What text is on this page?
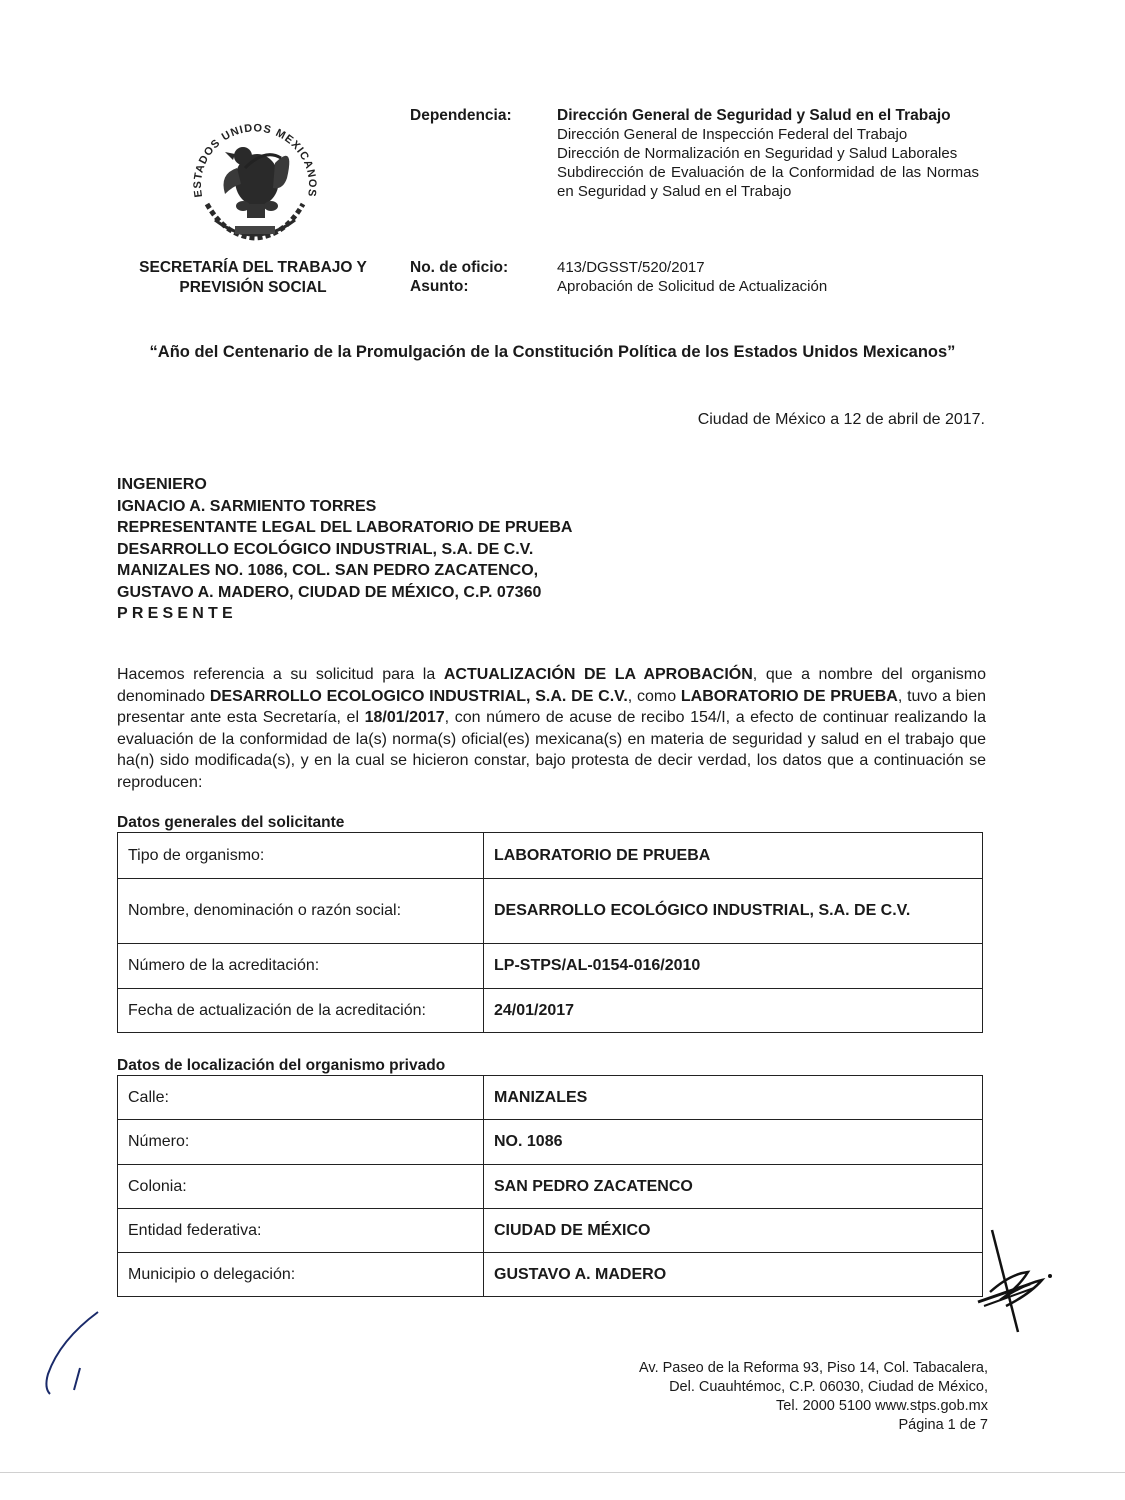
ESTADOS UNIDOS MEXICANOS
SECRETARÍA DEL TRABAJO Y
PREVISIÓN SOCIAL
Dependencia:	Dirección General de Seguridad y Salud en el Trabajo
Dirección General de Inspección Federal del Trabajo
Dirección de Normalización en Seguridad y Salud Laborales
Subdirección de Evaluación de la Conformidad de las Normas en Seguridad y Salud en el Trabajo
No. de oficio:	413/DGSST/520/2017
Asunto:	Aprobación de Solicitud de Actualización
“Año del Centenario de la Promulgación de la Constitución Política de los Estados Unidos Mexicanos”
Ciudad de México a 12 de abril de 2017.
INGENIERO
IGNACIO A. SARMIENTO TORRES
REPRESENTANTE LEGAL DEL LABORATORIO DE PRUEBA
DESARROLLO ECOLÓGICO INDUSTRIAL, S.A. DE C.V.
MANIZALES NO. 1086, COL. SAN PEDRO ZACATENCO,
GUSTAVO A. MADERO, CIUDAD DE MÉXICO, C.P. 07360
PRESENTE
Hacemos referencia a su solicitud para la ACTUALIZACIÓN DE LA APROBACIÓN, que a nombre del organismo denominado DESARROLLO ECOLOGICO INDUSTRIAL, S.A. DE C.V., como LABORATORIO DE PRUEBA, tuvo a bien presentar ante esta Secretaría, el 18/01/2017, con número de acuse de recibo 154/I, a efecto de continuar realizando la evaluación de la conformidad de la(s) norma(s) oficial(es) mexicana(s) en materia de seguridad y salud en el trabajo que ha(n) sido modificada(s), y en la cual se hicieron constar, bajo protesta de decir verdad, los datos que a continuación se reproducen:
Datos generales del solicitante
Tipo de organismo:	LABORATORIO DE PRUEBA
Nombre, denominación o razón social:	DESARROLLO ECOLÓGICO INDUSTRIAL, S.A. DE C.V.
Número de la acreditación:	LP-STPS/AL-0154-016/2010
Fecha de actualización de la acreditación:	24/01/2017
Datos de localización del organismo privado
Calle:	MANIZALES
Número:	NO. 1086
Colonia:	SAN PEDRO ZACATENCO
Entidad federativa:	CIUDAD DE MÉXICO
Municipio o delegación:	GUSTAVO A. MADERO
Av. Paseo de la Reforma 93, Piso 14, Col. Tabacalera,
Del. Cuauhtémoc, C.P. 06030, Ciudad de México,
Tel. 2000 5100 www.stps.gob.mx
Página 1 de 7
